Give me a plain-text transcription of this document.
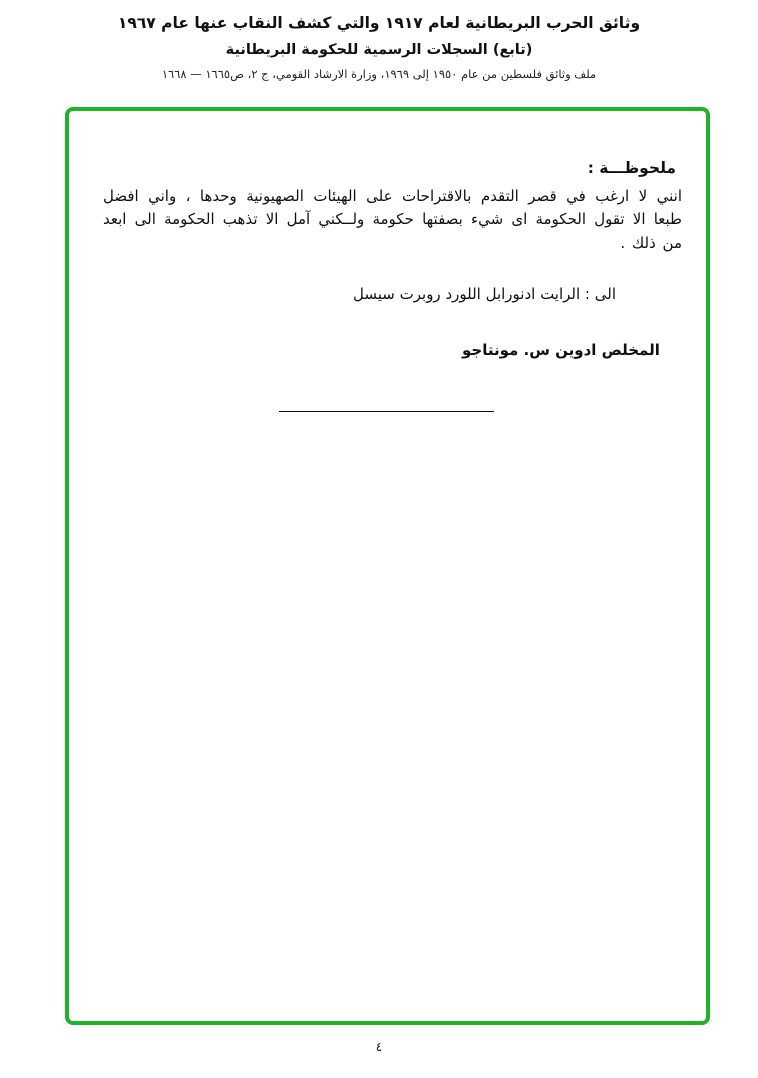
وثائق الحرب البريطانية لعام ١٩١٧ والتي كشف النقاب عنها عام ١٩٦٧
(تابع) السجلات الرسمية للحكومة البريطانية
ملف وثائق فلسطين من عام ١٩٥٠ إلى ١٩٦٩، وزارة الارشاد القومي، ج ٢، ص١٦٦٥ — ١٦٦٨
ملحوظـــة :

انني لا ارغب في قصر التقدم بالاقتراحات على الهيئات الصهيونية وحدها ، واني افضل طبعا الا تقول الحكومة اى شيء بصفتها حكومة ولــكني آمل الا تذهب الحكومة الى ابعد من ذلك .

الى : الرايت ادنورابل اللورد روبرت سيسل
المخلص ادوين س. مونتاجو
٤
